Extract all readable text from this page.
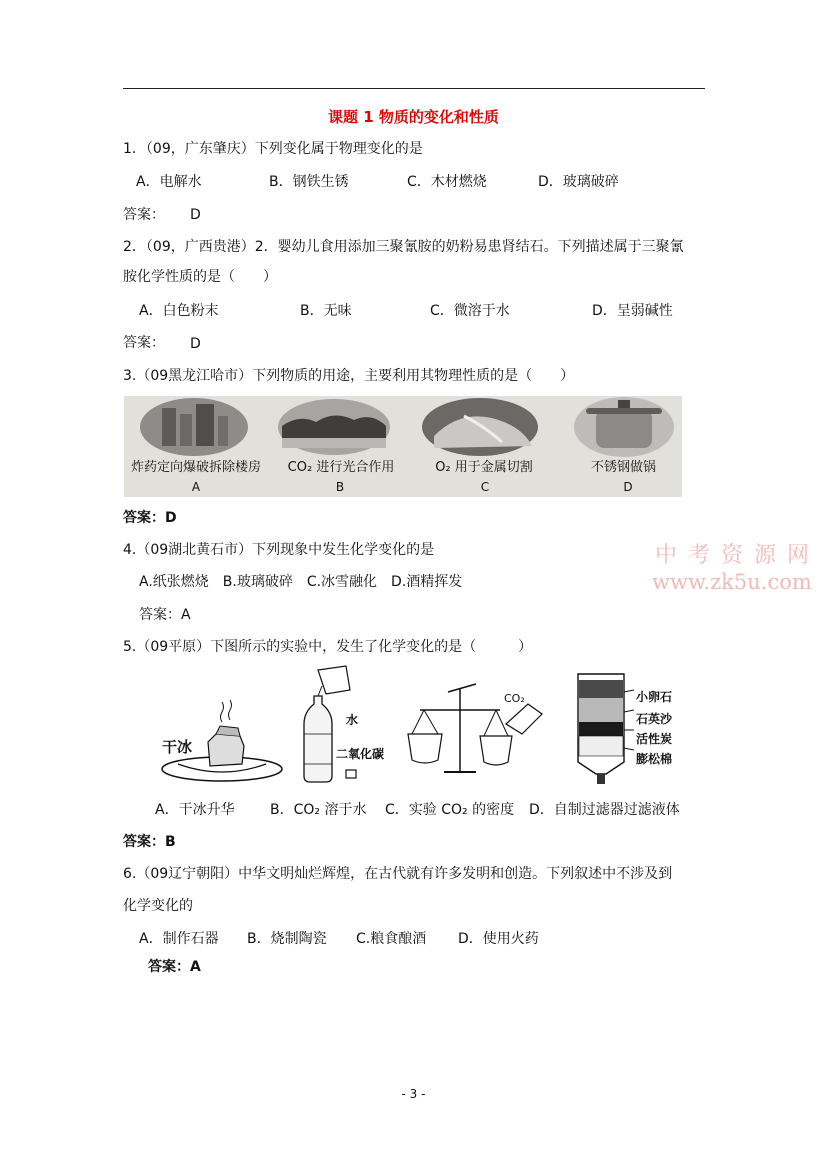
课题 1 物质的变化和性质
1．（09，广东肇庆）下列变化属于物理变化的是
A．电解水	B．钢铁生锈	C．木材燃烧	D．玻璃破碎
答案： D
2．（09，广西贵港）2．婴幼儿食用添加三聚氰胺的奶粉易患肾结石。下列描述属于三聚氰
胺化学性质的是（　　）
A．白色粉末	B．无味	C．微溶于水	D．呈弱碱性
答案： D
3.（09黑龙江哈市）下列物质的用途，主要利用其物理性质的是（　　）
炸药定向爆破拆除楼房	CO₂ 进行光合作用	O₂ 用于金属切割	不锈钢做锅
A	B	C	D
答案：D
4.（09湖北黄石市）下列现象中发生化学变化的是
A.纸张燃烧　B.玻璃破碎　C.冰雪融化　D.酒精挥发
答案：A
中 考 资 源 网
www.zk5u.com
5.（09平原）下图所示的实验中，发生了化学变化的是（　　　）
干冰
水
二氧化碳
CO₂	小卵石
石英沙
活性炭
膨松棉
A．干冰升华	B．CO₂ 溶于水 C．实验 CO₂ 的密度 D．自制过滤器过滤液体
答案：B
6.（09辽宁朝阳）中华文明灿烂辉煌，在古代就有许多发明和创造。下列叙述中不涉及到
化学变化的
A．制作石器 B．烧制陶瓷 C.粮食酿酒 D．使用火药
答案：A
- 3 -
